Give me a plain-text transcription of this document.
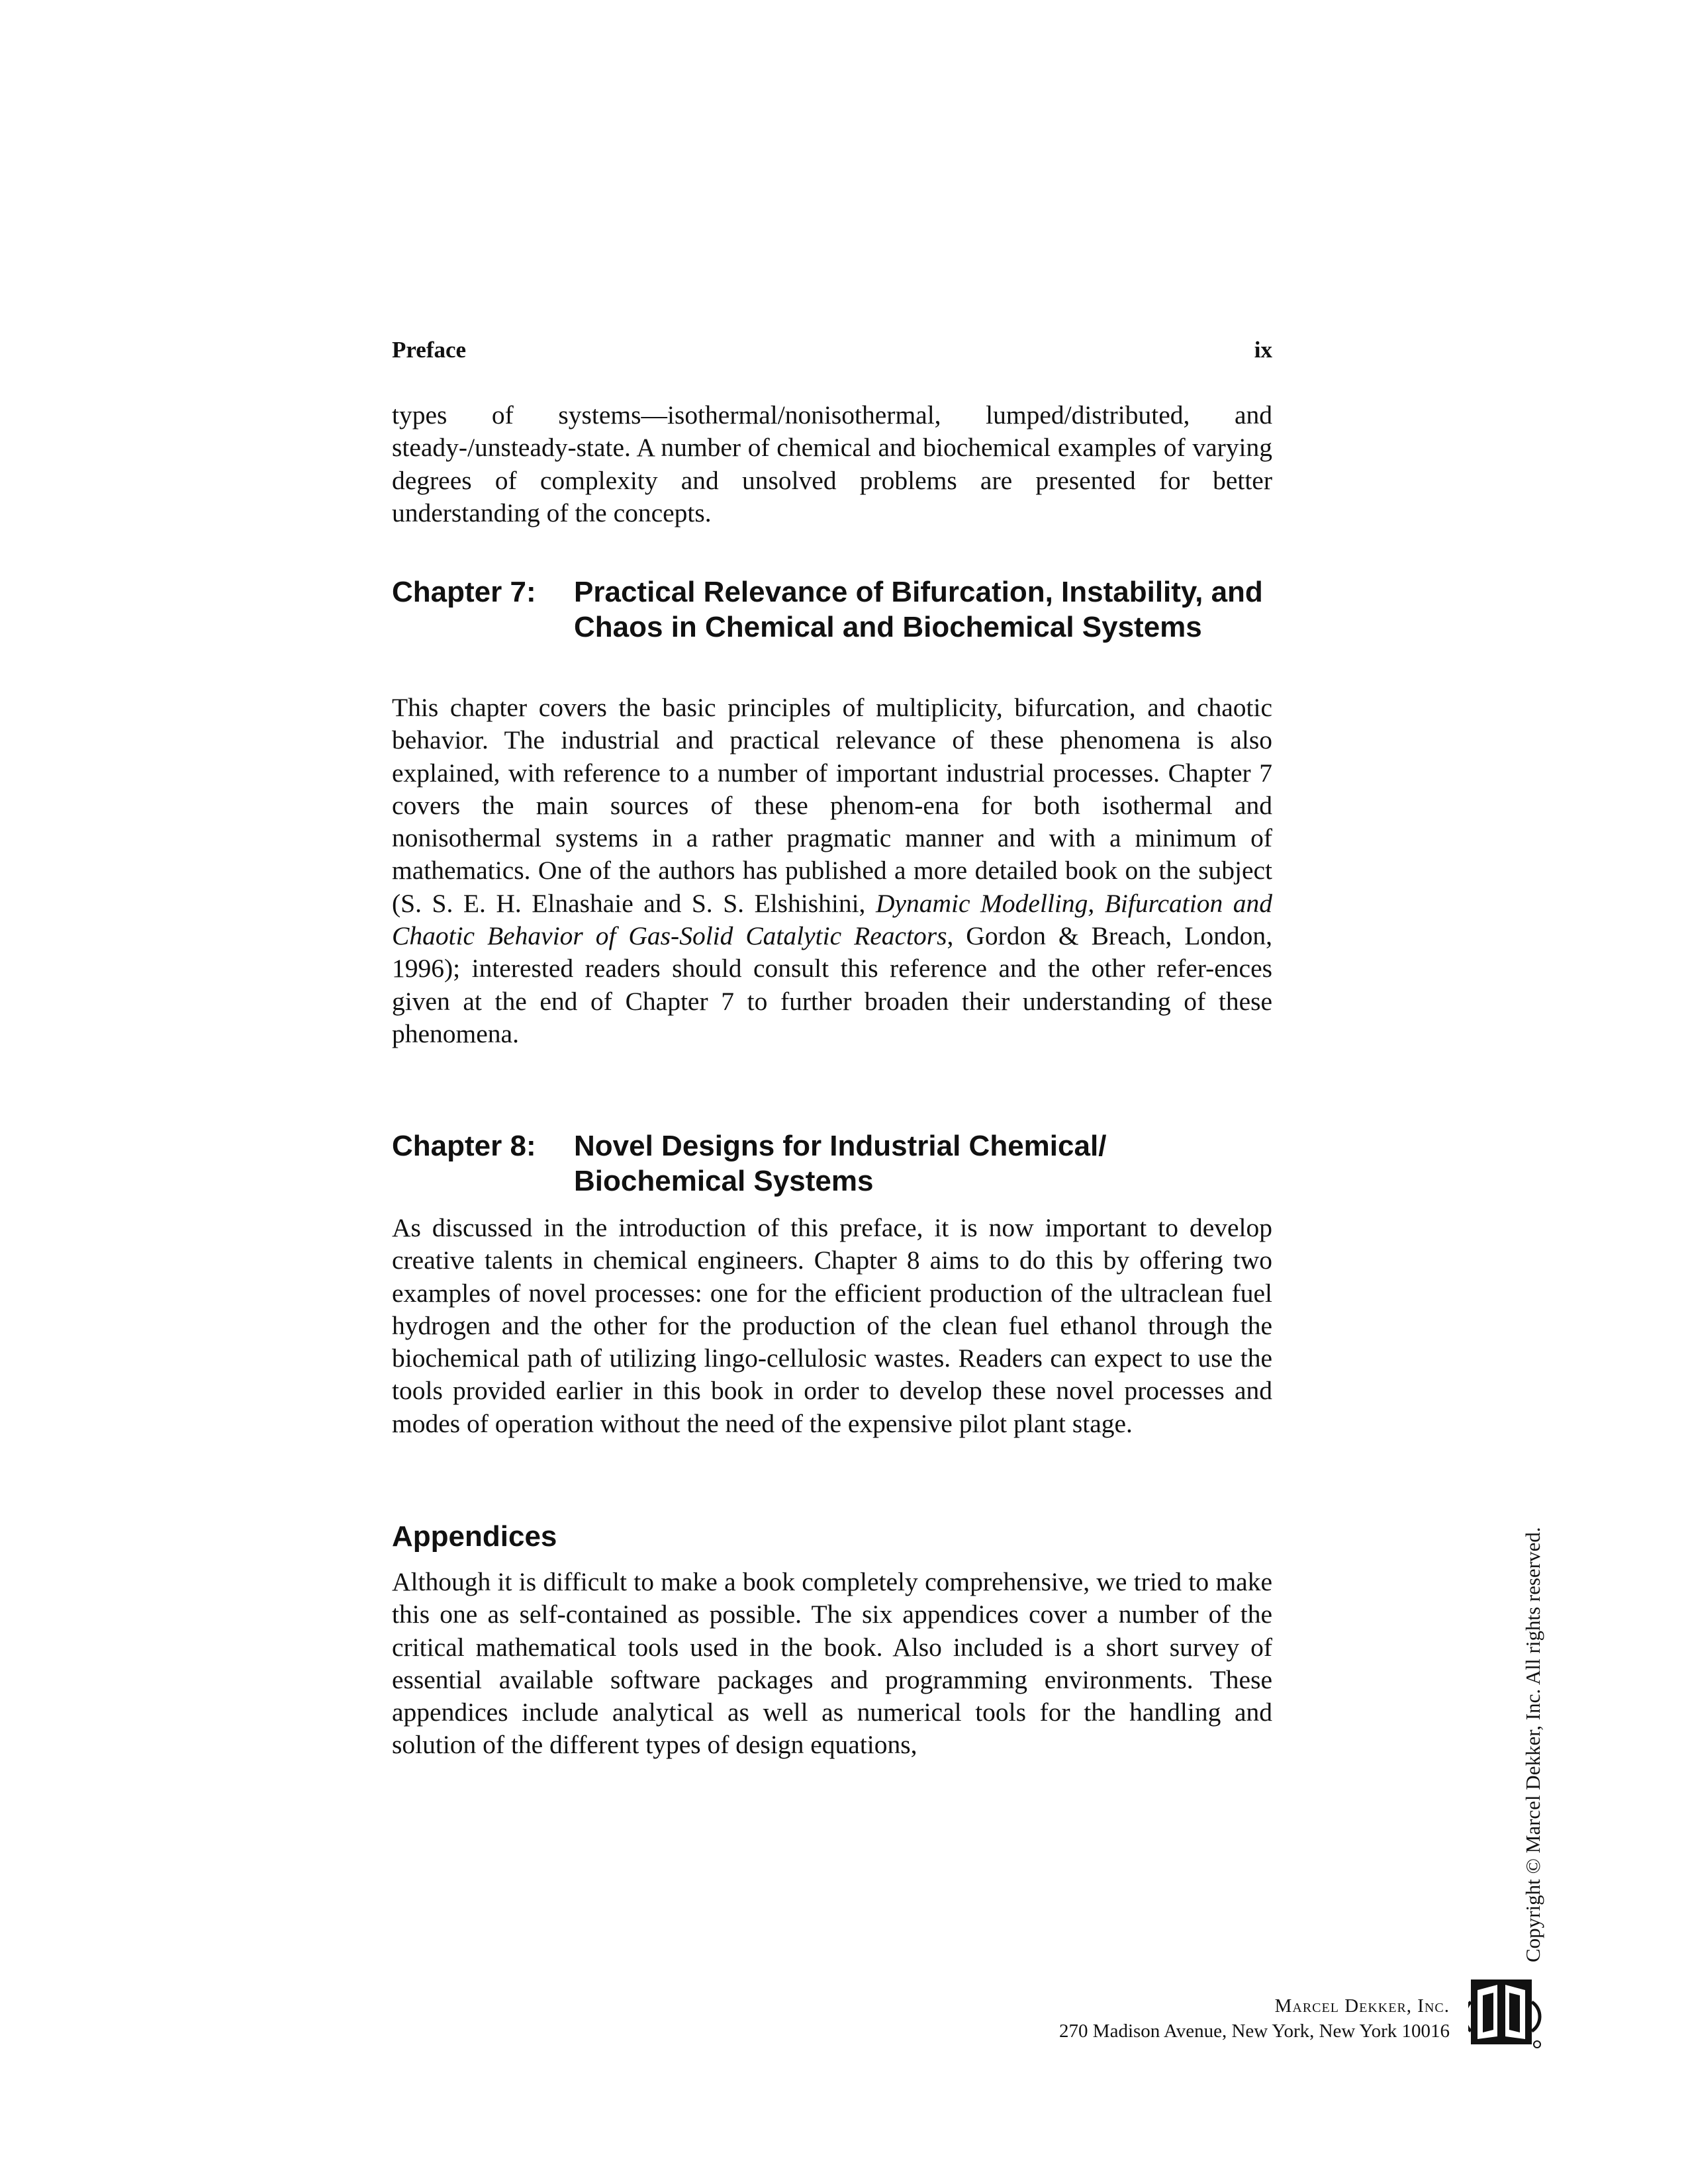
Preface	ix

types of systems—isothermal/nonisothermal, lumped/distributed, and steady-/unsteady-state. A number of chemical and biochemical examples of varying degrees of complexity and unsolved problems are presented for better understanding of the concepts.

Chapter 7: Practical Relevance of Bifurcation, Instability, and Chaos in Chemical and Biochemical Systems

This chapter covers the basic principles of multiplicity, bifurcation, and chaotic behavior. The industrial and practical relevance of these phenomena is also explained, with reference to a number of important industrial processes. Chapter 7 covers the main sources of these phenom-ena for both isothermal and nonisothermal systems in a rather pragmatic manner and with a minimum of mathematics. One of the authors has published a more detailed book on the subject (S. S. E. H. Elnashaie and S. S. Elshishini, Dynamic Modelling, Bifurcation and Chaotic Behavior of Gas-Solid Catalytic Reactors, Gordon & Breach, London, 1996); interested readers should consult this reference and the other refer-ences given at the end of Chapter 7 to further broaden their understanding of these phenomena.

Chapter 8: Novel Designs for Industrial Chemical/ Biochemical Systems

As discussed in the introduction of this preface, it is now important to develop creative talents in chemical engineers. Chapter 8 aims to do this by offering two examples of novel processes: one for the efficient production of the ultraclean fuel hydrogen and the other for the production of the clean fuel ethanol through the biochemical path of utilizing lingo-cellulosic wastes. Readers can expect to use the tools provided earlier in this book in order to develop these novel processes and modes of operation without the need of the expensive pilot plant stage.

Appendices

Although it is difficult to make a book completely comprehensive, we tried to make this one as self-contained as possible. The six appendices cover a number of the critical mathematical tools used in the book. Also included is a short survey of essential available software packages and programming environments. These appendices include analytical as well as numerical tools for the handling and solution of the different types of design equations,	Copyright © Marcel Dekker, Inc. All rights reserved.
Marcel Dekker, Inc.
270 Madison Avenue, New York, New York 10016
